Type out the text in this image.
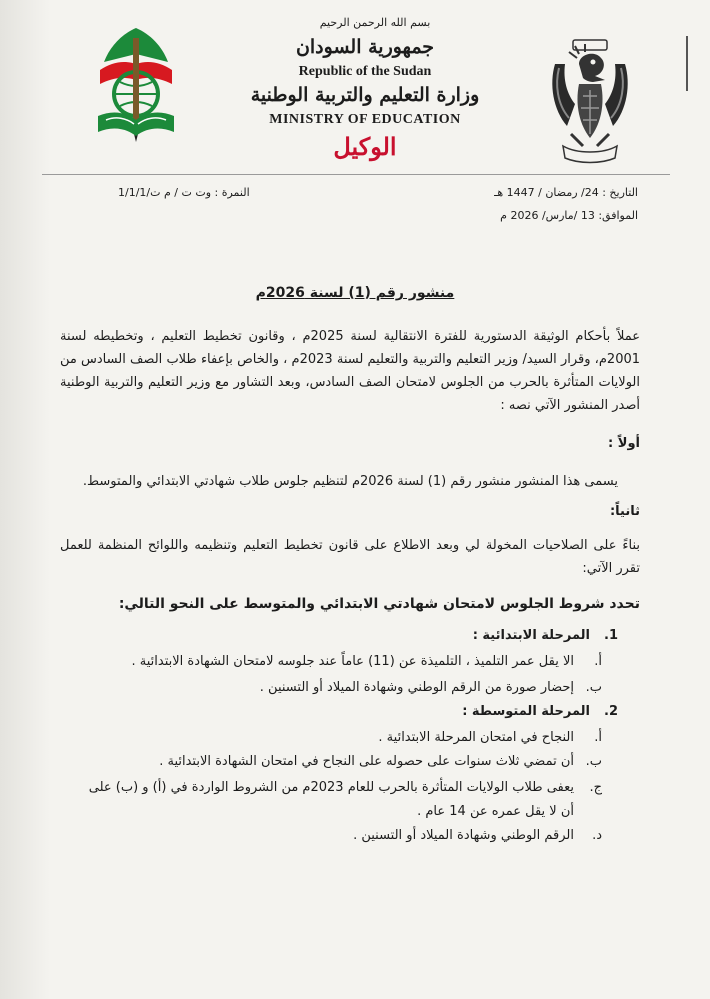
بسم الله الرحمن الرحيم
جمهورية السودان
Republic of the Sudan
وزارة التعليم والتربية الوطنية
MINISTRY OF EDUCATION
الوكيل
التاريخ : 24/ رمضان / 1447 هـ
الموافق: 13 /مارس/ 2026 م
النمرة : وت ت / م ت/1/1/1
منشور رقم (1) لسنة 2026م
عملاً بأحكام الوثيقة الدستورية للفترة الانتقالية لسنة 2025م ، وقانون تخطيط التعليم ، وتخطيطه لسنة 2001م، وقرار السيد/ وزير التعليم والتربية والتعليم لسنة 2023م ، والخاص بإعفاء طلاب الصف السادس من الولايات المتأثرة بالحرب من الجلوس لامتحان الصف السادس، وبعد التشاور مع وزير التعليم والتربية الوطنية أصدر المنشور الآتي نصه :
أولاً :
يسمى هذا المنشور منشور رقم (1) لسنة 2026م لتنظيم جلوس طلاب شهادتي الابتدائي والمتوسط.
ثانياً:
بناءً على الصلاحيات المخولة لي وبعد الاطلاع على قانون تخطيط التعليم وتنظيمه واللوائح المنظمة للعمل تقرر الآتي:
تحدد شروط الجلوس لامتحان شهادتي الابتدائي والمتوسط على النحو التالي:
1.المرحلة الابتدائية :
أ.الا يقل عمر التلميذ ، التلميذة عن (11) عاماً عند جلوسه لامتحان الشهادة الابتدائية .
ب.إحضار صورة من الرقم الوطني وشهادة الميلاد أو التسنين .
2.المرحلة المتوسطة :
أ.النجاح في امتحان المرحلة الابتدائية .
ب.أن تمضي ثلاث سنوات على حصوله على النجاح في امتحان الشهادة الابتدائية .
ج.يعفى طلاب الولايات المتأثرة بالحرب للعام 2023م من الشروط الواردة في (أ) و (ب) على
أن لا يقل عمره عن 14 عام .
د.الرقم الوطني وشهادة الميلاد أو التسنين .
